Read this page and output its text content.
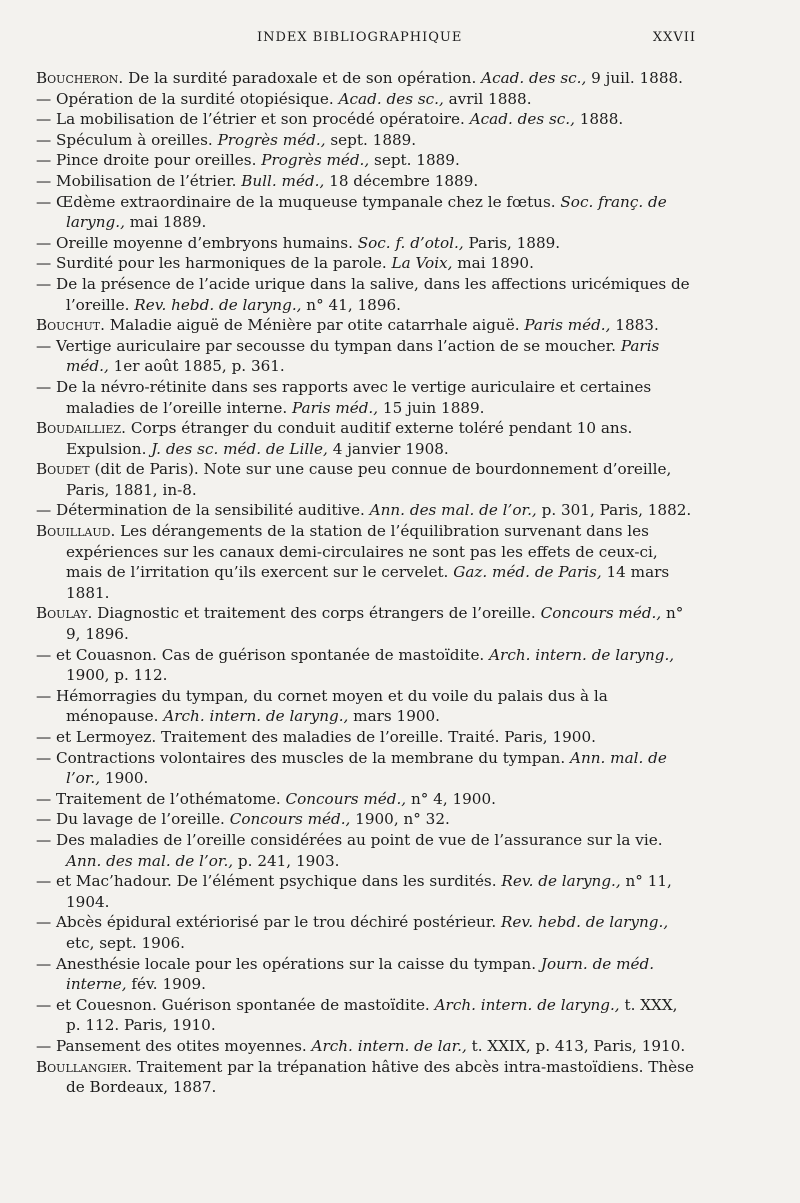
INDEX BIBLIOGRAPHIQUE	XXVII

Boucheron. De la surdité paradoxale et de son opération. Acad. des sc., 9 juil. 1888.

— Opération de la surdité otopiésique. Acad. des sc., avril 1888.

— La mobilisation de l’étrier et son procédé opératoire. Acad. des sc., 1888.

— Spéculum à oreilles. Progrès méd., sept. 1889.

— Pince droite pour oreilles. Progrès méd., sept. 1889.

— Mobilisation de l’étrier. Bull. méd., 18 décembre 1889.

— Œdème extraordinaire de la muqueuse tympanale chez le fœtus. Soc. franç. de laryng., mai 1889.

— Oreille moyenne d’embryons humains. Soc. f. d’otol., Paris, 1889.

— Surdité pour les harmoniques de la parole. La Voix, mai 1890.

— De la présence de l’acide urique dans la salive, dans les affections uricémiques de l’oreille. Rev. hebd. de laryng., n° 41, 1896.

Bouchut. Maladie aiguë de Ménière par otite catarrhale aiguë. Paris méd., 1883.

— Vertige auriculaire par secousse du tympan dans l’action de se moucher. Paris méd., 1er août 1885, p. 361.

— De la névro-rétinite dans ses rapports avec le vertige auriculaire et certaines maladies de l’oreille interne. Paris méd., 15 juin 1889.

Boudailliez. Corps étranger du conduit auditif externe toléré pendant 10 ans. Expulsion. J. des sc. méd. de Lille, 4 janvier 1908.

Boudet (dit de Paris). Note sur une cause peu connue de bourdonnement d’oreille, Paris, 1881, in-8.

— Détermination de la sensibilité auditive. Ann. des mal. de l’or., p. 301, Paris, 1882.

Bouillaud. Les dérangements de la station de l’équilibration survenant dans les expériences sur les canaux demi-circulaires ne sont pas les effets de ceux-ci, mais de l’irritation qu’ils exercent sur le cervelet. Gaz. méd. de Paris, 14 mars 1881.

Boulay. Diagnostic et traitement des corps étrangers de l’oreille. Concours méd., n° 9, 1896.

— et Couasnon. Cas de guérison spontanée de mastoïdite. Arch. intern. de laryng., 1900, p. 112.

— Hémorragies du tympan, du cornet moyen et du voile du palais dus à la ménopause. Arch. intern. de laryng., mars 1900.

— et Lermoyez. Traitement des maladies de l’oreille. Traité. Paris, 1900.

— Contractions volontaires des muscles de la membrane du tympan. Ann. mal. de l’or., 1900.

— Traitement de l’othématome. Concours méd., n° 4, 1900.

— Du lavage de l’oreille. Concours méd., 1900, n° 32.

— Des maladies de l’oreille considérées au point de vue de l’assurance sur la vie. Ann. des mal. de l’or., p. 241, 1903.

— et Mac’hadour. De l’élément psychique dans les surdités. Rev. de laryng., n° 11, 1904.

— Abcès épidural extériorisé par le trou déchiré postérieur. Rev. hebd. de laryng., etc, sept. 1906.

— Anesthésie locale pour les opérations sur la caisse du tympan. Journ. de méd. interne, fév. 1909.

— et Couesnon. Guérison spontanée de mastoïdite. Arch. intern. de laryng., t. XXX, p. 112. Paris, 1910.

— Pansement des otites moyennes. Arch. intern. de lar., t. XXIX, p. 413, Paris, 1910.

Boullangier. Traitement par la trépanation hâtive des abcès intra-mastoïdiens. Thèse de Bordeaux, 1887.
